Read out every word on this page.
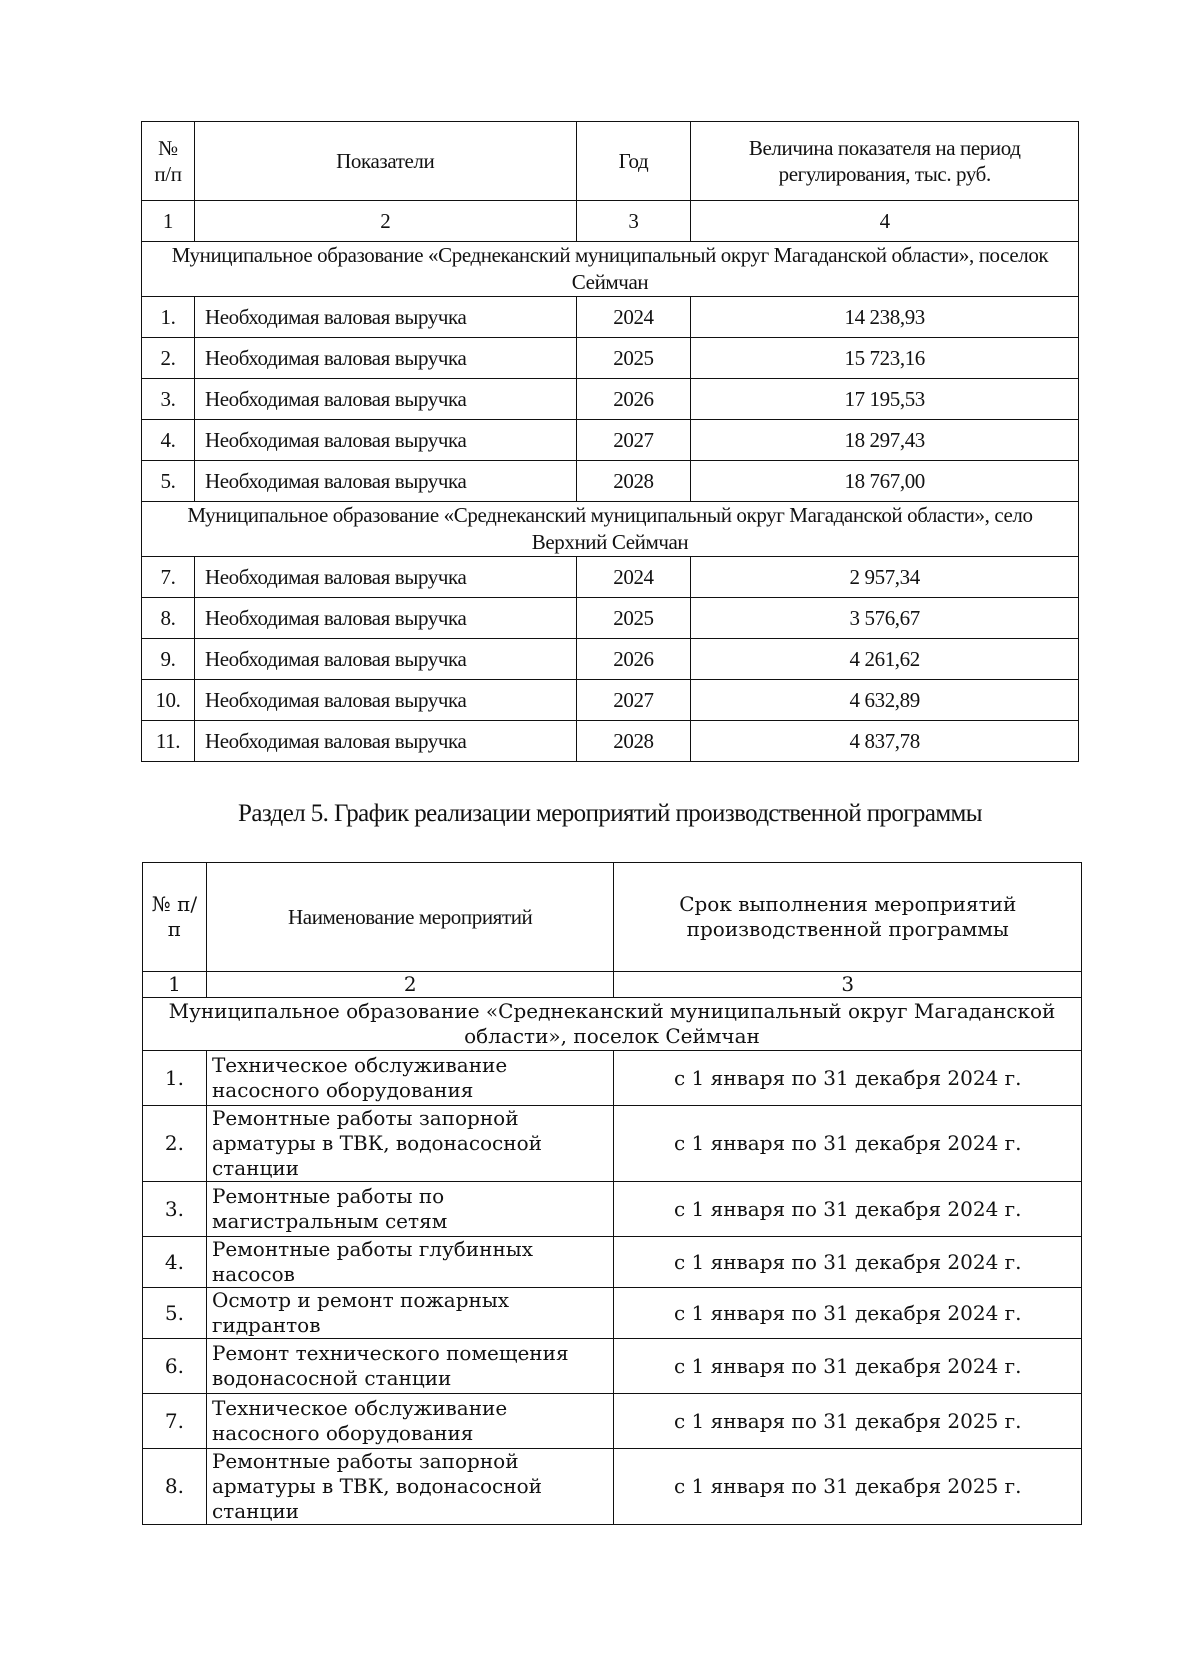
№ п/п	Показатели	Год	Величина показателя на период регулирования, тыс. руб.
1	2	3	4
Муниципальное образование «Среднеканский муниципальный округ Магаданской области», поселок Сеймчан			
1.	Необходимая валовая выручка	2024	14 238,93
2.	Необходимая валовая выручка	2025	15 723,16
3.	Необходимая валовая выручка	2026	17 195,53
4.	Необходимая валовая выручка	2027	18 297,43
5.	Необходимая валовая выручка	2028	18 767,00
Муниципальное образование «Среднеканский муниципальный округ Магаданской области», село Верхний Сеймчан			
7.	Необходимая валовая выручка	2024	2 957,34
8.	Необходимая валовая выручка	2025	3 576,67
9.	Необходимая валовая выручка	2026	4 261,62
10.	Необходимая валовая выручка	2027	4 632,89
11.	Необходимая валовая выручка	2028	4 837,78
Раздел 5. График реализации мероприятий производственной программы
№ п/п	Наименование мероприятий	Срок выполнения мероприятий производственной программы
1	2	3
Муниципальное образование «Среднеканский муниципальный округ Магаданской области», поселок Сеймчан		
1.	Техническое обслуживание насосного оборудования	с 1 января по 31 декабря 2024 г.
2.	Ремонтные работы запорной арматуры в ТВК, водонасосной станции	с 1 января по 31 декабря 2024 г.
3.	Ремонтные работы по магистральным сетям	с 1 января по 31 декабря 2024 г.
4.	Ремонтные работы глубинных насосов	с 1 января по 31 декабря 2024 г.
5.	Осмотр и ремонт пожарных гидрантов	с 1 января по 31 декабря 2024 г.
6.	Ремонт технического помещения водонасосной станции	с 1 января по 31 декабря 2024 г.
7.	Техническое обслуживание насосного оборудования	с 1 января по 31 декабря 2025 г.
8.	Ремонтные работы запорной арматуры в ТВК, водонасосной станции	с 1 января по 31 декабря 2025 г.
